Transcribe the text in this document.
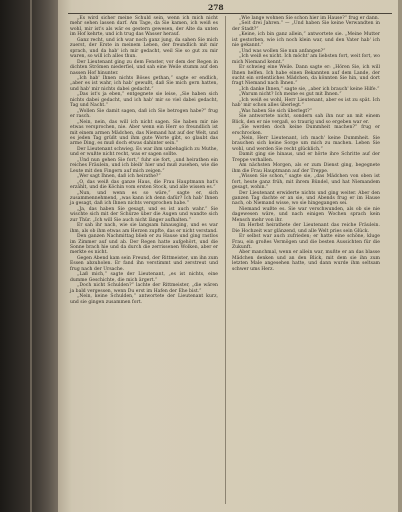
278

„Es wird sicher meine Schuld sein, wenn ich mich nicht mehr sehen lassen darf. Am Tage, da Sie kamen, ich weiß es wohl, mir ist's als wär es gestern gewesen, der Alte da unten im Hof kehrte, und ich trug das Wasser herauf.

Ganz recht, und ich war noch ganz jung, da sahen Sie mich zuerst, der Erste in meinem Leben, der freundlich mit mir sprach, und da hab' ich mir gedacht, weil Sie so gut zu mir waren, so will ich alles thun.

Der Lieutenant ging zu dem Fenster, vor dem der Regen in dichten Strömen niederfiel, und sah eine Weile stumm auf den nassen Hof hinunter.

„Ich hab' Ihnen nichts Böses gethan,“ sagte er endlich, „aber es ist wahr, ich hab' gewußt, daß Sie mich gern hatten, und hab' mir nichts dabei gedacht.“

„Das ist's ja eben,“ entgegnete sie leise, „Sie haben sich nichts dabei gedacht, und ich hab' mir so viel dabei gedacht, Tag und Nacht.“

„Wollen Sie damit sagen, daß ich Sie betrogen habe?“ frug er rasch.

„Nein, nein, das will ich nicht sagen. Sie haben mir nie etwas versprochen, nie. Aber wenn ein Herr so freundlich ist mit einem armen Mädchen, das Niemand hat auf der Welt, und es jeden Tag grüßt und ihm gute Worte gibt, so glaubt das arme Ding, es muß doch etwas dahinter sein.“

Der Lieutenant schwieg. Es war ihm unbehaglich zu Muthe, und er wußte nicht recht, was er sagen sollte.

„Und nun gehen Sie fort,“ fuhr sie fort, „und heirathen ein reiches Fräulein, und ich bleib' hier und muß zusehen, wie die Leute mit den Fingern auf mich zeigen.“

„Wer sagt Ihnen, daß ich heirathe?“

„O, das weiß das ganze Haus, die Frau Hauptmann hat's erzählt, und die Köchin vom ersten Stock, und alle wissen es.“

„Nun, und wenn es so wäre,“ sagte er, sich zusammennehmend, „was kann ich denn dafür? Ich hab' Ihnen ja gesagt, daß ich Ihnen nichts versprochen habe.“

„Ja, das haben Sie gesagt, und es ist auch wahr.“ Sie wischte sich mit der Schürze über die Augen und wandte sich zur Thür. „Ich will Sie auch nicht länger aufhalten.“

Er sah ihr nach, wie sie langsam hinausging, und es war ihm, als ob ihm etwas am Herzen zupfte, das er nicht verstand.

Den ganzen Nachmittag blieb er zu Hause und ging rastlos im Zimmer auf und ab. Der Regen hatte aufgehört, und die Sonne brach hie und da durch die zerrissenen Wolken, aber er merkte es nicht.

Gegen Abend kam sein Freund, der Rittmeister, um ihn zum Essen abzuholen. Er fand ihn verstimmt und zerstreut und frug nach der Ursache.

„Laß mich,“ sagte der Lieutenant, „es ist nichts, eine dumme Geschichte, die mich ärgert.“

„Doch nicht Schulden?“ lachte der Rittmeister, „die wären ja bald vergessen, wenn Du erst im Hafen der Ehe bist.“

„Nein, keine Schulden,“ antwortete der Lieutenant kurz, und sie gingen zusammen fort.

„Wie lange wohnen Sie schon hier im Hause?“ frug er dann.

„Seit drei Jahren.“ — „Und haben Sie keine Verwandten in der Stadt?“

„Keine, ich bin ganz allein,“ antwortete sie. „Meine Mutter ist gestorben, wie ich noch klein war, und den Vater hab' ich nie gekannt.“

„Und was wollen Sie nun anfangen?“

„Ich weiß es nicht. Ich möcht' am liebsten fort, weit fort, wo mich Niemand kennt.“

Er schwieg eine Weile. Dann sagte er: „Hören Sie, ich will Ihnen helfen. Ich habe einen Bekannten auf dem Lande, der sucht ein ordentliches Mädchen, da könnten Sie hin, und dort fragt Niemand nach Ihnen.“

„Ich danke Ihnen,“ sagte sie, „aber ich brauch' keine Hilfe.“

„Warum nicht? Ich meine es gut mit Ihnen.“

„Ich weiß es wohl, Herr Lieutenant, aber es ist zu spät. Ich hab' mir schon alles überlegt.“

„Was haben Sie sich überlegt?“

Sie antwortete nicht, sondern sah ihn nur an mit einem Blick, den er nie vergaß, so traurig und so ergeben war er.

„Sie werden doch keine Dummheit machen?“ frug er erschrocken.

„Nein, Herr Lieutenant, ich mach' keine Dummheit. Sie brauchen sich keine Sorge um mich zu machen. Leben Sie wohl, und werden Sie recht glücklich.“

Damit ging sie hinaus, und er hörte ihre Schritte auf der Treppe verhallen.

Am nächsten Morgen, als er zum Dienst ging, begegnete ihm die Frau Hauptmann auf der Treppe.

„Wissen Sie schon,“ sagte sie, „das Mädchen von oben ist fort, heute ganz früh, mit ihrem Bündel, und hat Niemandem gesagt, wohin.“

Der Lieutenant erwiderte nichts und ging weiter. Aber den ganzen Tag dachte er an sie, und Abends frug er im Hause nach, ob Niemand wisse, wo sie hingegangen sei.

Niemand wußte es. Sie war verschwunden, als ob sie nie dagewesen wäre, und nach einigen Wochen sprach kein Mensch mehr von ihr.

Im Herbst heirathete der Lieutenant das reiche Fräulein. Die Hochzeit war glänzend, und alle Welt pries sein Glück.

Er selbst war auch zufrieden; er hatte eine schöne, kluge Frau, ein großes Vermögen und die besten Aussichten für die Zukunft.

Aber manchmal, wenn er allein war, mußte er an das blasse Mädchen denken und an den Blick, mit dem sie ihn zum letzten Male angesehen hatte, und dann wurde ihm seltsam schwer ums Herz.
